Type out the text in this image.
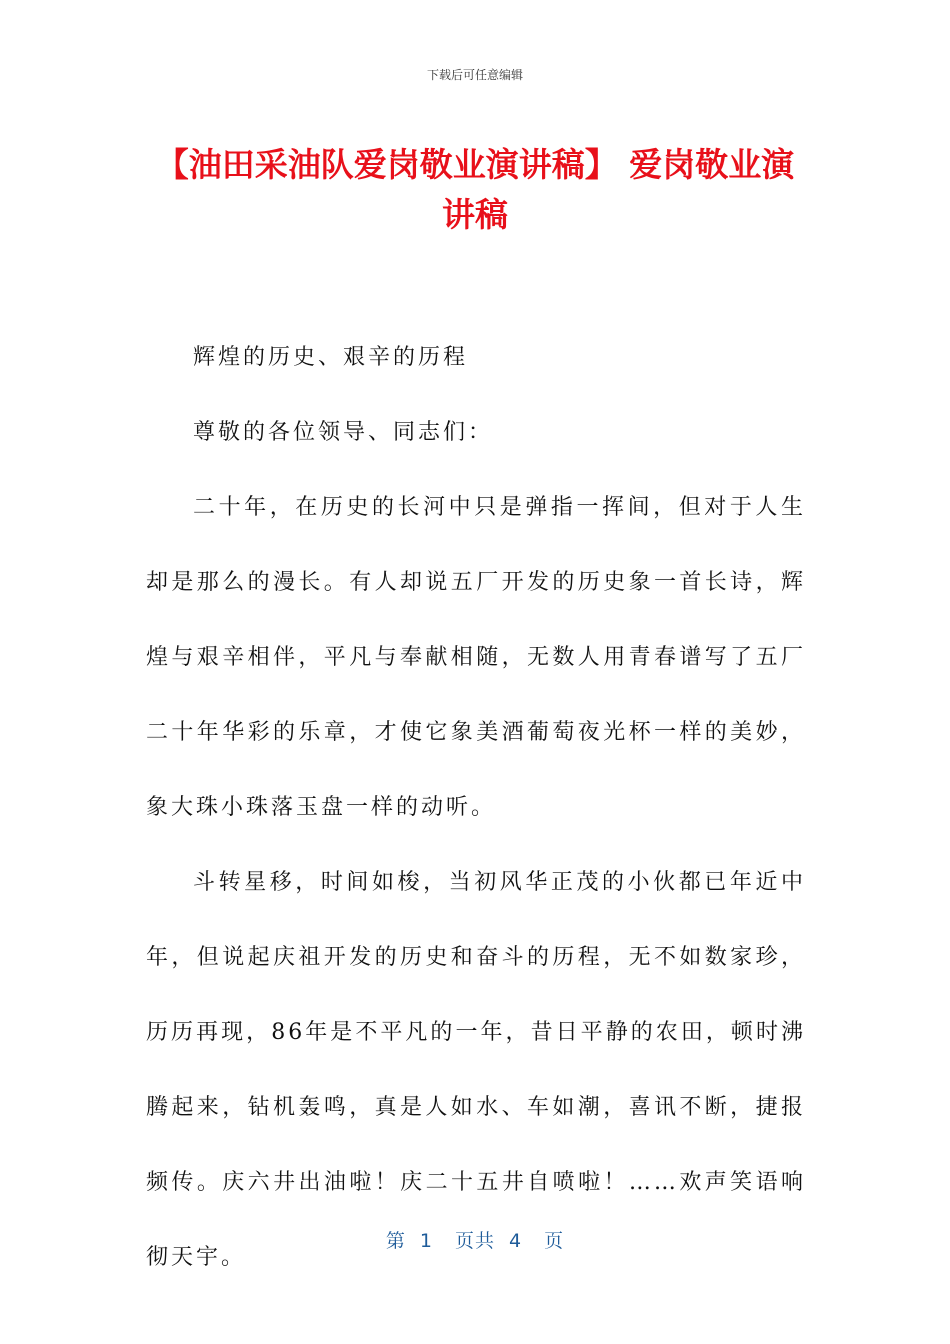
下载后可任意编辑
【油田采油队爱岗敬业演讲稿】 爱岗敬业演讲稿

辉煌的历史、艰辛的历程

尊敬的各位领导、同志们：

二十年，在历史的长河中只是弹指一挥间，但对于人生却是那么的漫长。有人却说五厂开发的历史象一首长诗，辉煌与艰辛相伴，平凡与奉献相随，无数人用青春谱写了五厂二十年华彩的乐章，才使它象美酒葡萄夜光杯一样的美妙，象大珠小珠落玉盘一样的动听。

斗转星移，时间如梭，当初风华正茂的小伙都已年近中年，但说起庆祖开发的历史和奋斗的历程，无不如数家珍，历历再现，86年是不平凡的一年，昔日平静的农田，顿时沸腾起来，钻机轰鸣，真是人如水、车如潮，喜讯不断，捷报频传。庆六井出油啦！庆二十五井自喷啦！……欢声笑语响彻天宇。

第 1 页共 4 页
